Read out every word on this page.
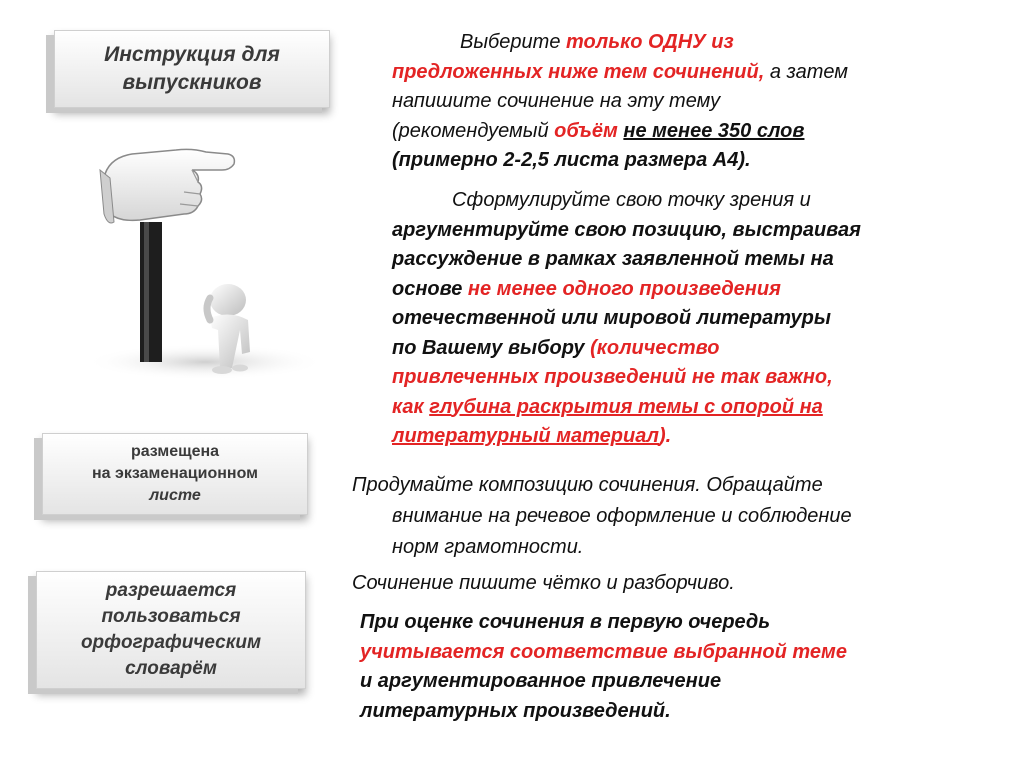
Инструкция для
выпускников
размещена
на экзаменационном
листе
разрешается
пользоваться
орфографическим
словарём
Выберите только ОДНУ из
предложенных ниже тем сочинений, а затем
напишите сочинение на эту тему
(рекомендуемый объём не менее 350 слов
(примерно 2-2,5 листа размера А4).
Сформулируйте свою точку зрения и
аргументируйте свою позицию, выстраивая
рассуждение в рамках заявленной темы на
основе не менее одного произведения
отечественной или мировой литературы
по Вашему выбору (количество
привлеченных произведений не так важно,
как глубина раскрытия темы с опорой на
литературный материал).
Продумайте композицию сочинения. Обращайте
внимание на речевое оформление и соблюдение
норм грамотности.
Сочинение пишите чётко и разборчиво.
При оценке сочинения в первую очередь
учитывается соответствие выбранной теме
и аргументированное привлечение
литературных произведений.
